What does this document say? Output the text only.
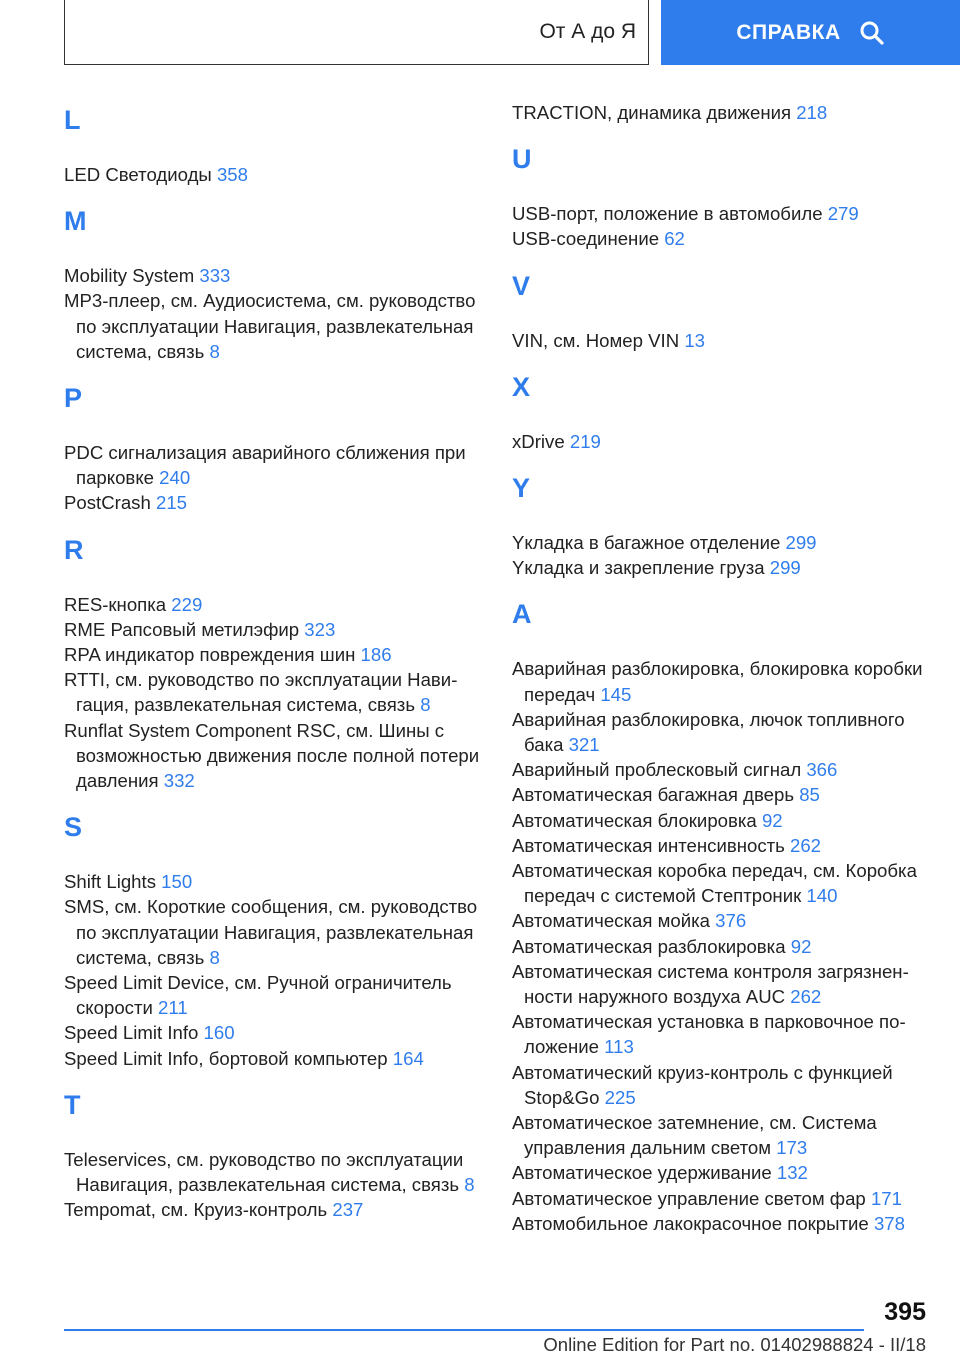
От А до Я	СПРАВКА
L
LED Светодиоды 358
M
Mobility System 333
MP3-плеер, см. Аудиосистема, см. руководство по эксплуатации Навигация, развлекательная система, связь 8
P
PDC сигнализация аварийного сближения при парковке 240
PostCrash 215
R
RES-кнопка 229
RME Рапсовый метилэфир 323
RPA индикатор повреждения шин 186
RTTI, см. руководство по эксплуатации Навигация, развлекательная система, связь 8
Runflat System Component RSC, см. Шины с возможностью движения после полной потери давления 332
S
Shift Lights 150
SMS, см. Короткие сообщения, см. руководство по эксплуатации Навигация, развлекательная система, связь 8
Speed Limit Device, см. Ручной ограничитель скорости 211
Speed Limit Info 160
Speed Limit Info, бортовой компьютер 164
T
Teleservices, см. руководство по эксплуатации Навигация, развлекательная система, связь 8
Tempomat, см. Круиз-контроль 237
TRACTION, динамика движения 218
U
USB-порт, положение в автомобиле 279
USB-соединение 62
V
VIN, см. Номер VIN 13
X
xDrive 219
Y
Yкладка в багажное отделение 299
Yкладка и закрепление груза 299
А
Аварийная разблокировка, блокировка коробки передач 145
Аварийная разблокировка, лючок топливного бака 321
Аварийный проблесковый сигнал 366
Автоматическая багажная дверь 85
Автоматическая блокировка 92
Автоматическая интенсивность 262
Автоматическая коробка передач, см. Коробка передач с системой Стептроник 140
Автоматическая мойка 376
Автоматическая разблокировка 92
Автоматическая система контроля загрязненности наружного воздуха AUC 262
Автоматическая установка в парковочное положение 113
Автоматический круиз-контроль с функцией Stop&Go 225
Автоматическое затемнение, см. Система управления дальним светом 173
Автоматическое удерживание 132
Автоматическое управление светом фар 171
Автомобильное лакокрасочное покрытие 378
395
Online Edition for Part no. 01402988824 - II/18
